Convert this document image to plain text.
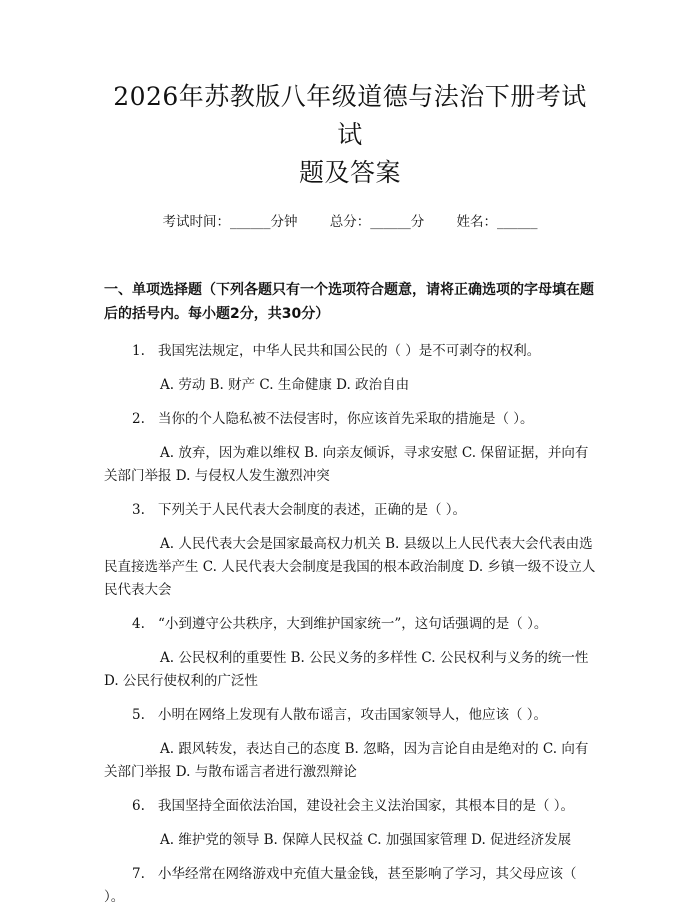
2026年苏教版八年级道德与法治下册考试试
题及答案
考试时间：______分钟 总分：______分 姓名：______
一、单项选择题（下列各题只有一个选项符合题意，请将正确选项的字母填在题后的括号内。每小题2分，共30分）
1. 我国宪法规定，中华人民共和国公民的（ ）是不可剥夺的权利。
A. 劳动 B. 财产 C. 生命健康 D. 政治自由
2. 当你的个人隐私被不法侵害时，你应该首先采取的措施是（ ）。
A. 放弃，因为难以维权 B. 向亲友倾诉，寻求安慰 C. 保留证据，并向有关部门举报 D. 与侵权人发生激烈冲突
3. 下列关于人民代表大会制度的表述，正确的是（ ）。
A. 人民代表大会是国家最高权力机关 B. 县级以上人民代表大会代表由选民直接选举产生 C. 人民代表大会制度是我国的根本政治制度 D. 乡镇一级不设立人民代表大会
4. “小到遵守公共秩序，大到维护国家统一”，这句话强调的是（ ）。
A. 公民权利的重要性 B. 公民义务的多样性 C. 公民权利与义务的统一性 D. 公民行使权利的广泛性
5. 小明在网络上发现有人散布谣言，攻击国家领导人，他应该（ ）。
A. 跟风转发，表达自己的态度 B. 忽略，因为言论自由是绝对的 C. 向有关部门举报 D. 与散布谣言者进行激烈辩论
6. 我国坚持全面依法治国，建设社会主义法治国家，其根本目的是（ ）。
A. 维护党的领导 B. 保障人民权益 C. 加强国家管理 D. 促进经济发展
7. 小华经常在网络游戏中充值大量金钱，甚至影响了学习，其父母应该（ ）。
